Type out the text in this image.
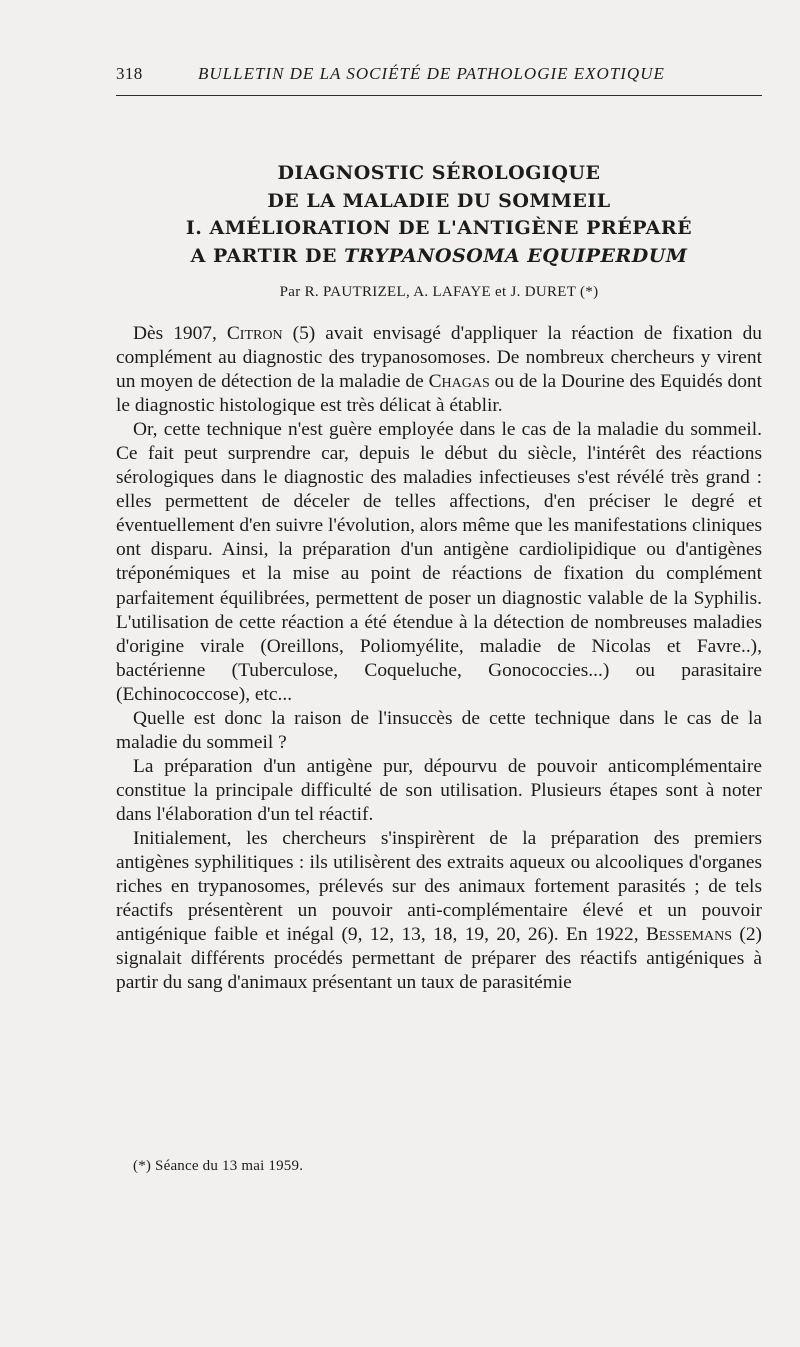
318	BULLETIN DE LA SOCIÉTÉ DE PATHOLOGIE EXOTIQUE
DIAGNOSTIC SÉROLOGIQUE
DE LA MALADIE DU SOMMEIL
I. AMÉLIORATION DE L'ANTIGÈNE PRÉPARÉ
A PARTIR DE TRYPANOSOMA EQUIPERDUM
Par R. PAUTRIZEL, A. LAFAYE et J. DURET (*)

Dès 1907, Citron (5) avait envisagé d'appliquer la réaction de fixation du complément au diagnostic des trypanosomoses. De nombreux chercheurs y virent un moyen de détection de la maladie de Chagas ou de la Dourine des Equidés dont le diagnostic histologique est très délicat à établir.

Or, cette technique n'est guère employée dans le cas de la maladie du sommeil. Ce fait peut surprendre car, depuis le début du siècle, l'intérêt des réactions sérologiques dans le diagnostic des maladies infectieuses s'est révélé très grand : elles permettent de déceler de telles affections, d'en préciser le degré et éventuellement d'en suivre l'évolution, alors même que les manifestations cliniques ont disparu. Ainsi, la préparation d'un antigène cardiolipidique ou d'antigènes tréponémiques et la mise au point de réactions de fixation du complément parfaitement équilibrées, permettent de poser un diagnostic valable de la Syphilis. L'utilisation de cette réaction a été étendue à la détection de nombreuses maladies d'origine virale (Oreillons, Poliomyélite, maladie de Nicolas et Favre..), bactérienne (Tuberculose, Coqueluche, Gonococcies...) ou parasitaire (Echinococcose), etc...

Quelle est donc la raison de l'insuccès de cette technique dans le cas de la maladie du sommeil ?

La préparation d'un antigène pur, dépourvu de pouvoir anticomplémentaire constitue la principale difficulté de son utilisation. Plusieurs étapes sont à noter dans l'élaboration d'un tel réactif.

Initialement, les chercheurs s'inspirèrent de la préparation des premiers antigènes syphilitiques : ils utilisèrent des extraits aqueux ou alcooliques d'organes riches en trypanosomes, prélevés sur des animaux fortement parasités ; de tels réactifs présentèrent un pouvoir anti-complémentaire élevé et un pouvoir antigénique faible et inégal (9, 12, 13, 18, 19, 20, 26). En 1922, Bessemans (2) signalait différents procédés permettant de préparer des réactifs antigéniques à partir du sang d'animaux présentant un taux de parasitémie

(*) Séance du 13 mai 1959.
